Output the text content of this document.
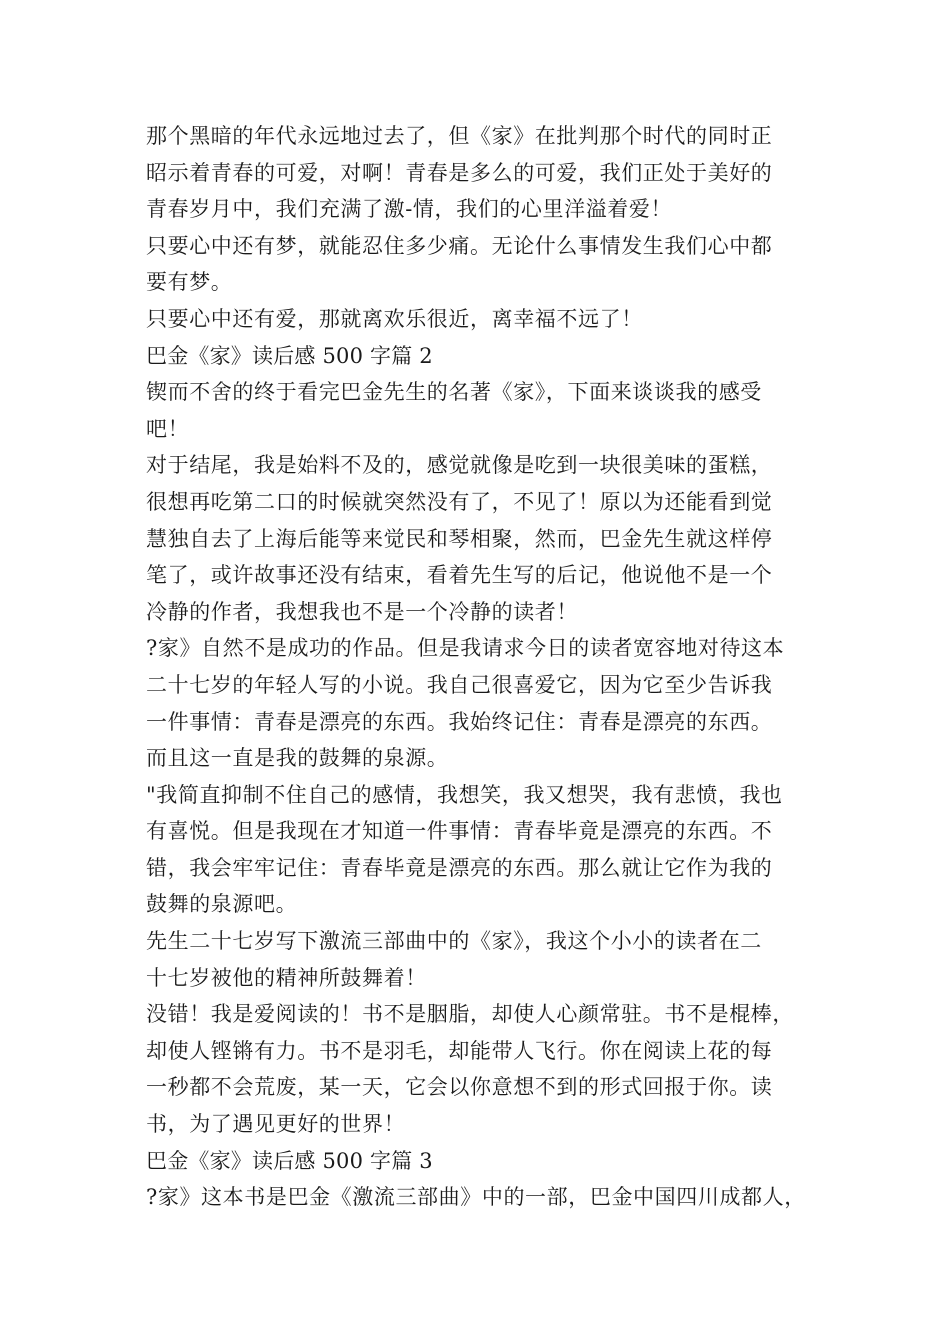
那个黑暗的年代永远地过去了，但《家》在批判那个时代的同时正
昭示着青春的可爱，对啊！青春是多么的可爱，我们正处于美好的
青春岁月中，我们充满了激-情，我们的心里洋溢着爱！
只要心中还有梦，就能忍住多少痛。无论什么事情发生我们心中都
要有梦。
只要心中还有爱，那就离欢乐很近，离幸福不远了！
巴金《家》读后感 500 字篇 2
锲而不舍的终于看完巴金先生的名著《家》，下面来谈谈我的感受
吧！
对于结尾，我是始料不及的，感觉就像是吃到一块很美味的蛋糕，
很想再吃第二口的时候就突然没有了，不见了！原以为还能看到觉
慧独自去了上海后能等来觉民和琴相聚，然而，巴金先生就这样停
笔了，或许故事还没有结束，看着先生写的后记，他说他不是一个
冷静的作者，我想我也不是一个冷静的读者！
?家》自然不是成功的作品。但是我请求今日的读者宽容地对待这本
二十七岁的年轻人写的小说。我自己很喜爱它，因为它至少告诉我
一件事情：青春是漂亮的东西。我始终记住：青春是漂亮的东西。
而且这一直是我的鼓舞的泉源。
"我简直抑制不住自己的感情，我想笑，我又想哭，我有悲愤，我也
有喜悦。但是我现在才知道一件事情：青春毕竟是漂亮的东西。不
错，我会牢牢记住：青春毕竟是漂亮的东西。那么就让它作为我的
鼓舞的泉源吧。
先生二十七岁写下激流三部曲中的《家》，我这个小小的读者在二
十七岁被他的精神所鼓舞着！
没错！我是爱阅读的！书不是胭脂，却使人心颜常驻。书不是棍棒，
却使人铿锵有力。书不是羽毛，却能带人飞行。你在阅读上花的每
一秒都不会荒废，某一天，它会以你意想不到的形式回报于你。读
书，为了遇见更好的世界！
巴金《家》读后感 500 字篇 3
?家》这本书是巴金《激流三部曲》中的一部，巴金中国四川成都人，
